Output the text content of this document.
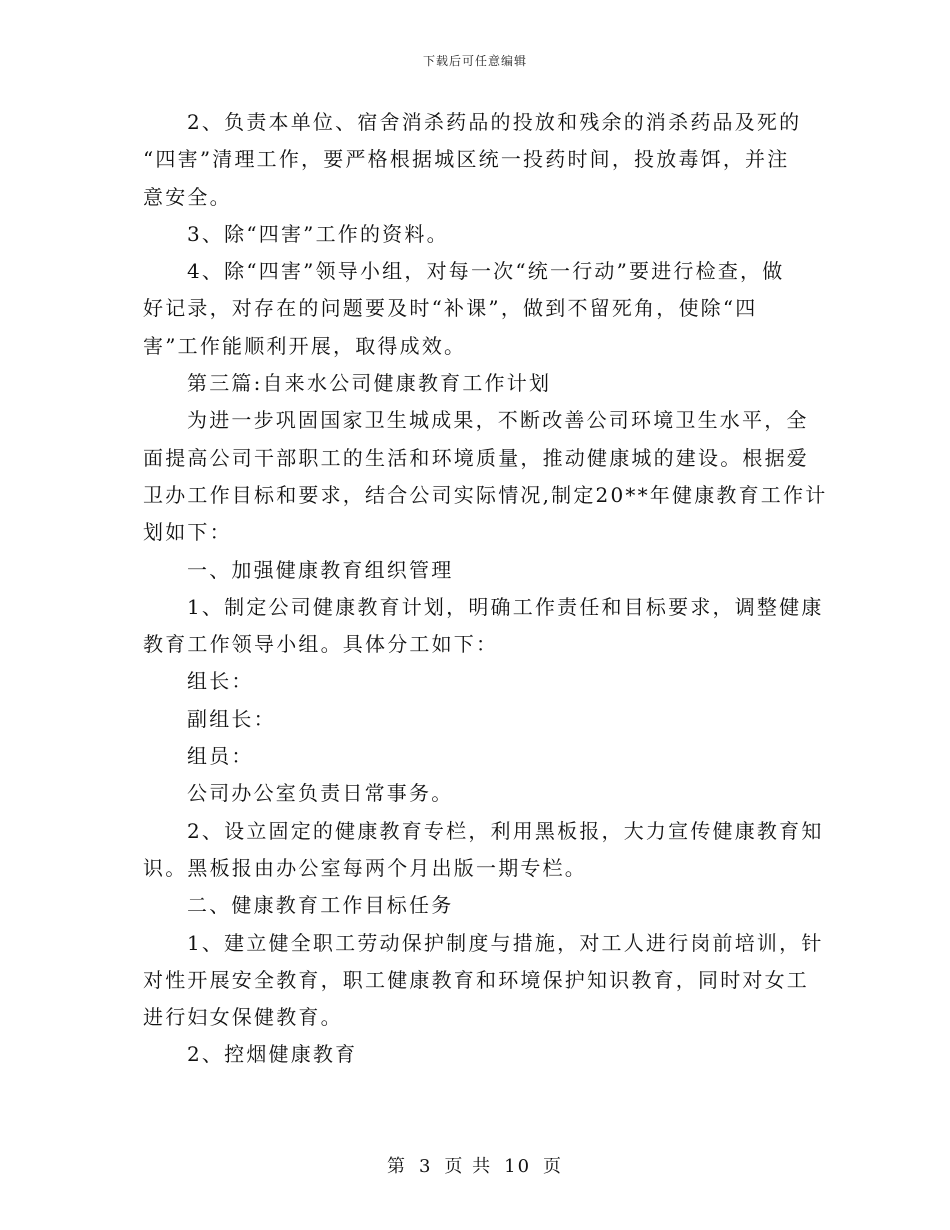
下载后可任意编辑
2、负责本单位、宿舍消杀药品的投放和残余的消杀药品及死的
“四害”清理工作，要严格根据城区统一投药时间，投放毒饵，并注
意安全。
3、除“四害”工作的资料。
4、除“四害”领导小组，对每一次“统一行动”要进行检查，做
好记录，对存在的问题要及时“补课”，做到不留死角，使除“四
害”工作能顺利开展，取得成效。
第三篇:自来水公司健康教育工作计划
为进一步巩固国家卫生城成果，不断改善公司环境卫生水平，全
面提高公司干部职工的生活和环境质量，推动健康城的建设。根据爱
卫办工作目标和要求，结合公司实际情况,制定20**年健康教育工作计
划如下：
一、加强健康教育组织管理
1、制定公司健康教育计划，明确工作责任和目标要求，调整健康
教育工作领导小组。具体分工如下：
组长：
副组长：
组员：
公司办公室负责日常事务。
2、设立固定的健康教育专栏，利用黑板报，大力宣传健康教育知
识。黑板报由办公室每两个月出版一期专栏。
二、健康教育工作目标任务
1、建立健全职工劳动保护制度与措施，对工人进行岗前培训，针
对性开展安全教育，职工健康教育和环境保护知识教育，同时对女工
进行妇女保健教育。
2、控烟健康教育
第 3 页 共 10 页
